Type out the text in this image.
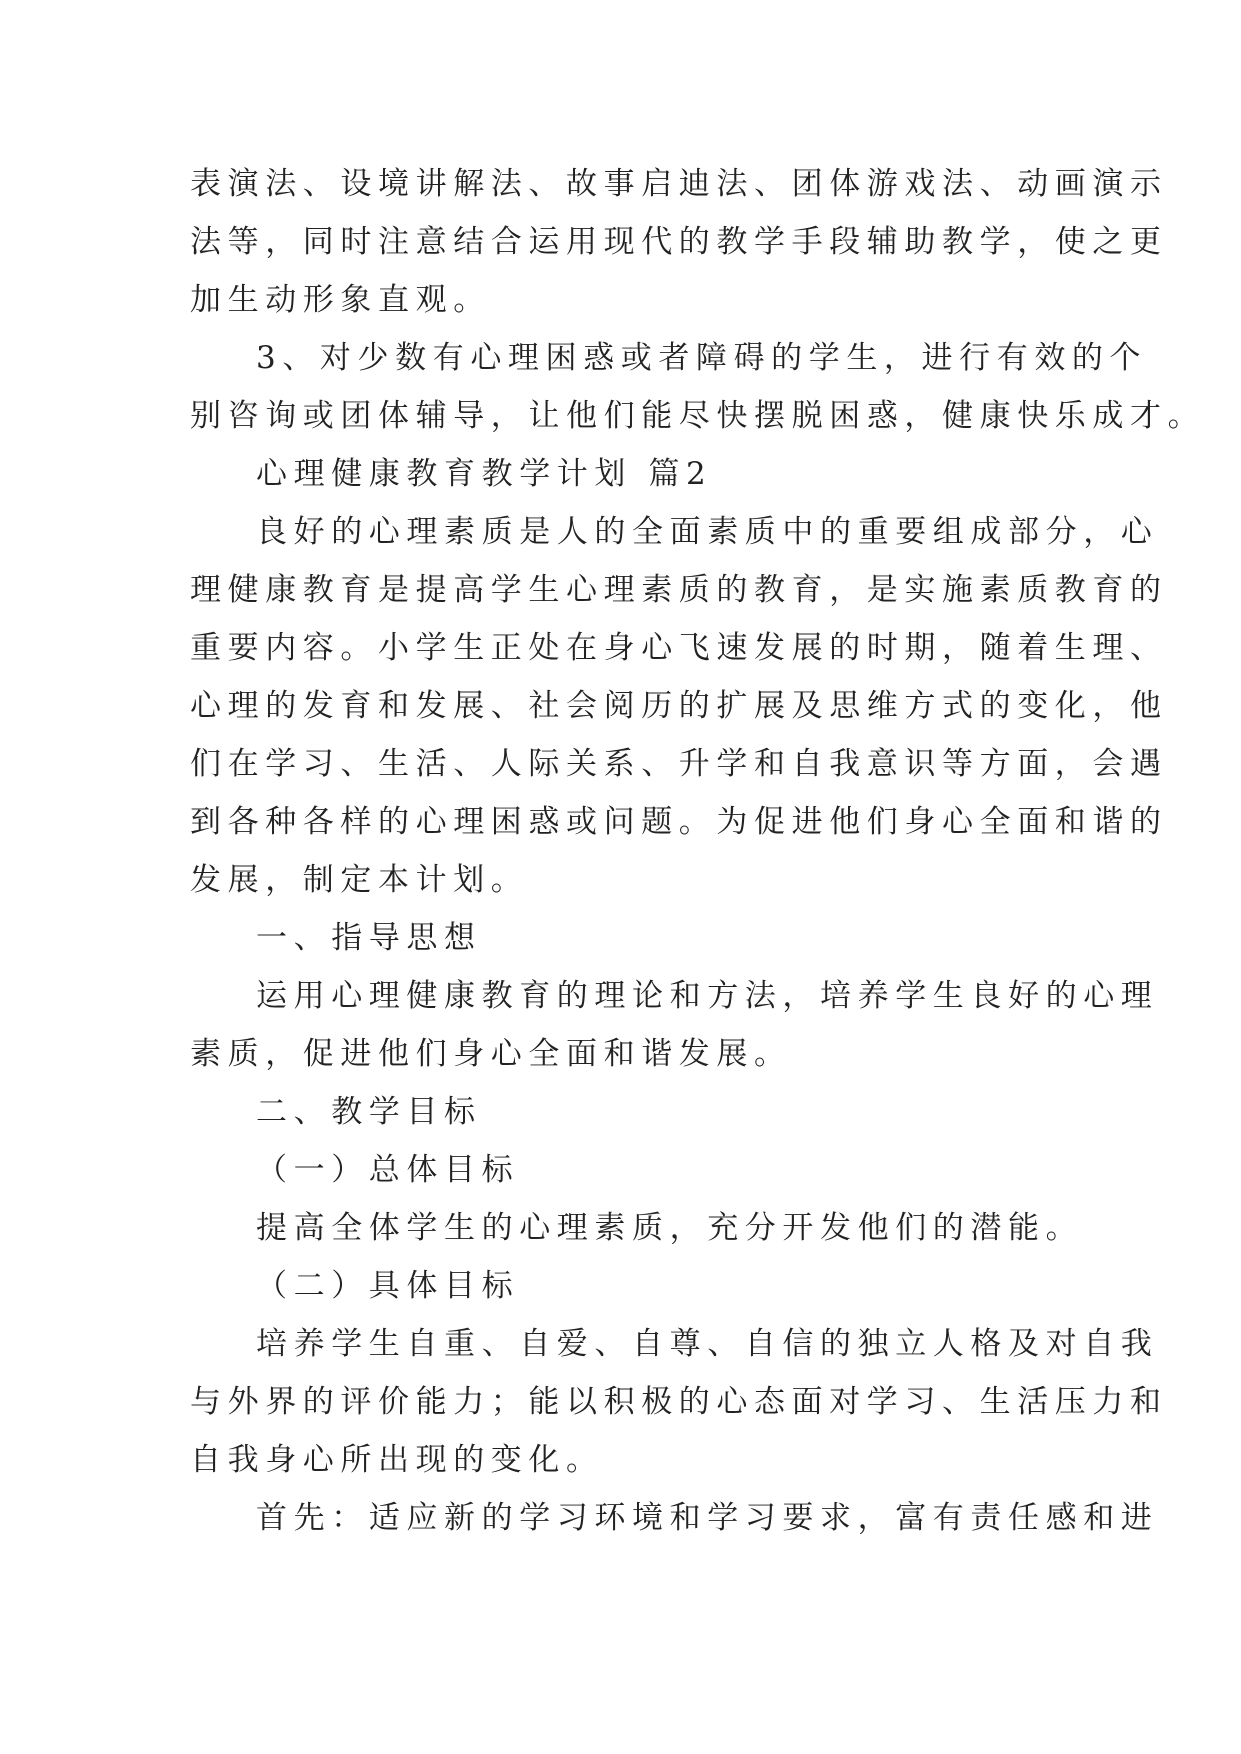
表演法、设境讲解法、故事启迪法、团体游戏法、动画演示
法等，同时注意结合运用现代的教学手段辅助教学，使之更
加生动形象直观。
3、对少数有心理困惑或者障碍的学生，进行有效的个
别咨询或团体辅导，让他们能尽快摆脱困惑，健康快乐成才。
心理健康教育教学计划 篇2
良好的心理素质是人的全面素质中的重要组成部分，心
理健康教育是提高学生心理素质的教育，是实施素质教育的
重要内容。小学生正处在身心飞速发展的时期，随着生理、
心理的发育和发展、社会阅历的扩展及思维方式的变化，他
们在学习、生活、人际关系、升学和自我意识等方面，会遇
到各种各样的心理困惑或问题。为促进他们身心全面和谐的
发展，制定本计划。
一、指导思想
运用心理健康教育的理论和方法，培养学生良好的心理
素质，促进他们身心全面和谐发展。
二、教学目标
（一）总体目标
提高全体学生的心理素质，充分开发他们的潜能。
（二）具体目标
培养学生自重、自爱、自尊、自信的独立人格及对自我
与外界的评价能力；能以积极的心态面对学习、生活压力和
自我身心所出现的变化。
首先：适应新的学习环境和学习要求，富有责任感和进
